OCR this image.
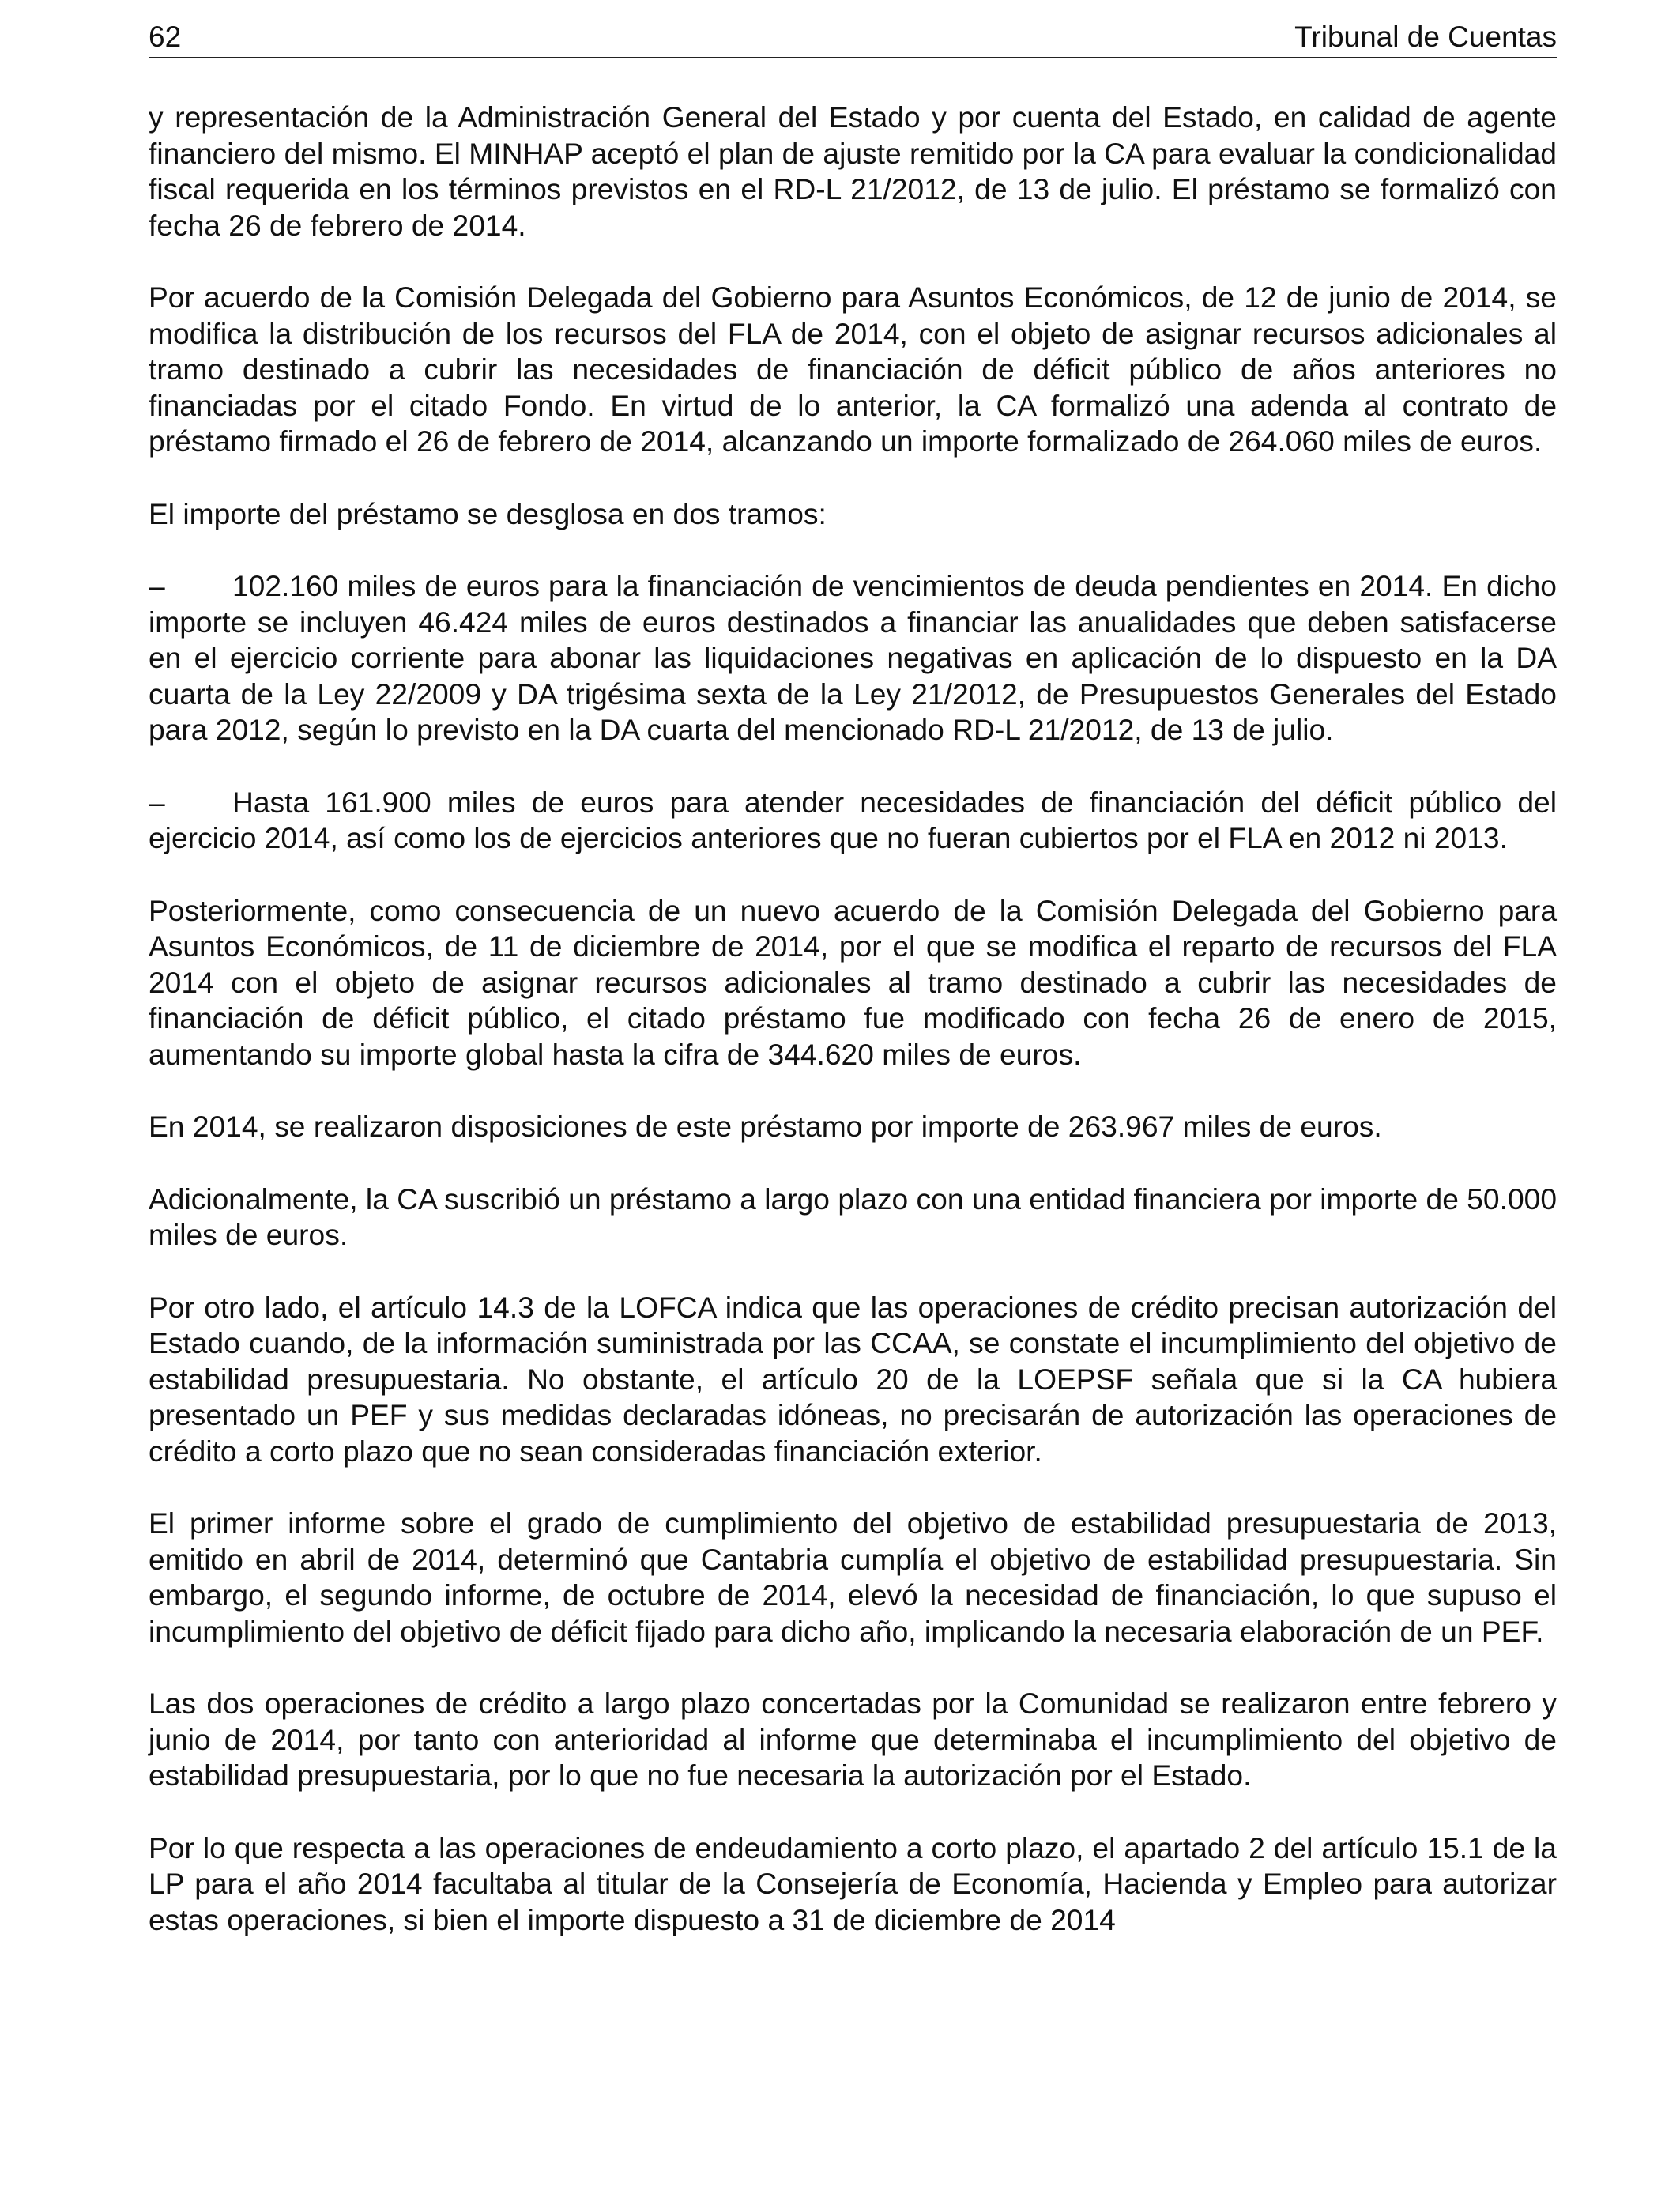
62	Tribunal de Cuentas

y representación de la Administración General del Estado y por cuenta del Estado, en calidad de agente financiero del mismo. El MINHAP aceptó el plan de ajuste remitido por la CA para evaluar la condicionalidad fiscal requerida en los términos previstos en el RD-L 21/2012, de 13 de julio. El préstamo se formalizó con fecha 26 de febrero de 2014.

Por acuerdo de la Comisión Delegada del Gobierno para Asuntos Económicos, de 12 de junio de 2014, se modifica la distribución de los recursos del FLA de 2014, con el objeto de asignar recursos adicionales al tramo destinado a cubrir las necesidades de financiación de déficit público de años anteriores no financiadas por el citado Fondo. En virtud de lo anterior, la CA formalizó una adenda al contrato de préstamo firmado el 26 de febrero de 2014, alcanzando un importe formalizado de 264.060 miles de euros.

El importe del préstamo se desglosa en dos tramos:

– 102.160 miles de euros para la financiación de vencimientos de deuda pendientes en 2014. En dicho importe se incluyen 46.424 miles de euros destinados a financiar las anualidades que deben satisfacerse en el ejercicio corriente para abonar las liquidaciones negativas en aplicación de lo dispuesto en la DA cuarta de la Ley 22/2009 y DA trigésima sexta de la Ley 21/2012, de Presupuestos Generales del Estado para 2012, según lo previsto en la DA cuarta del mencionado RD-L 21/2012, de 13 de julio.

– Hasta 161.900 miles de euros para atender necesidades de financiación del déficit público del ejercicio 2014, así como los de ejercicios anteriores que no fueran cubiertos por el FLA en 2012 ni 2013.

Posteriormente, como consecuencia de un nuevo acuerdo de la Comisión Delegada del Gobierno para Asuntos Económicos, de 11 de diciembre de 2014, por el que se modifica el reparto de recursos del FLA 2014 con el objeto de asignar recursos adicionales al tramo destinado a cubrir las necesidades de financiación de déficit público, el citado préstamo fue modificado con fecha 26 de enero de 2015, aumentando su importe global hasta la cifra de 344.620 miles de euros.

En 2014, se realizaron disposiciones de este préstamo por importe de 263.967 miles de euros.

Adicionalmente, la CA suscribió un préstamo a largo plazo con una entidad financiera por importe de 50.000 miles de euros.

Por otro lado, el artículo 14.3 de la LOFCA indica que las operaciones de crédito precisan autorización del Estado cuando, de la información suministrada por las CCAA, se constate el incumplimiento del objetivo de estabilidad presupuestaria. No obstante, el artículo 20 de la LOEPSF señala que si la CA hubiera presentado un PEF y sus medidas declaradas idóneas, no precisarán de autorización las operaciones de crédito a corto plazo que no sean consideradas financiación exterior.

El primer informe sobre el grado de cumplimiento del objetivo de estabilidad presupuestaria de 2013, emitido en abril de 2014, determinó que Cantabria cumplía el objetivo de estabilidad presupuestaria. Sin embargo, el segundo informe, de octubre de 2014, elevó la necesidad de financiación, lo que supuso el incumplimiento del objetivo de déficit fijado para dicho año, implicando la necesaria elaboración de un PEF.

Las dos operaciones de crédito a largo plazo concertadas por la Comunidad se realizaron entre febrero y junio de 2014, por tanto con anterioridad al informe que determinaba el incumplimiento del objetivo de estabilidad presupuestaria, por lo que no fue necesaria la autorización por el Estado.

Por lo que respecta a las operaciones de endeudamiento a corto plazo, el apartado 2 del artículo 15.1 de la LP para el año 2014 facultaba al titular de la Consejería de Economía, Hacienda y Empleo para autorizar estas operaciones, si bien el importe dispuesto a 31 de diciembre de 2014
